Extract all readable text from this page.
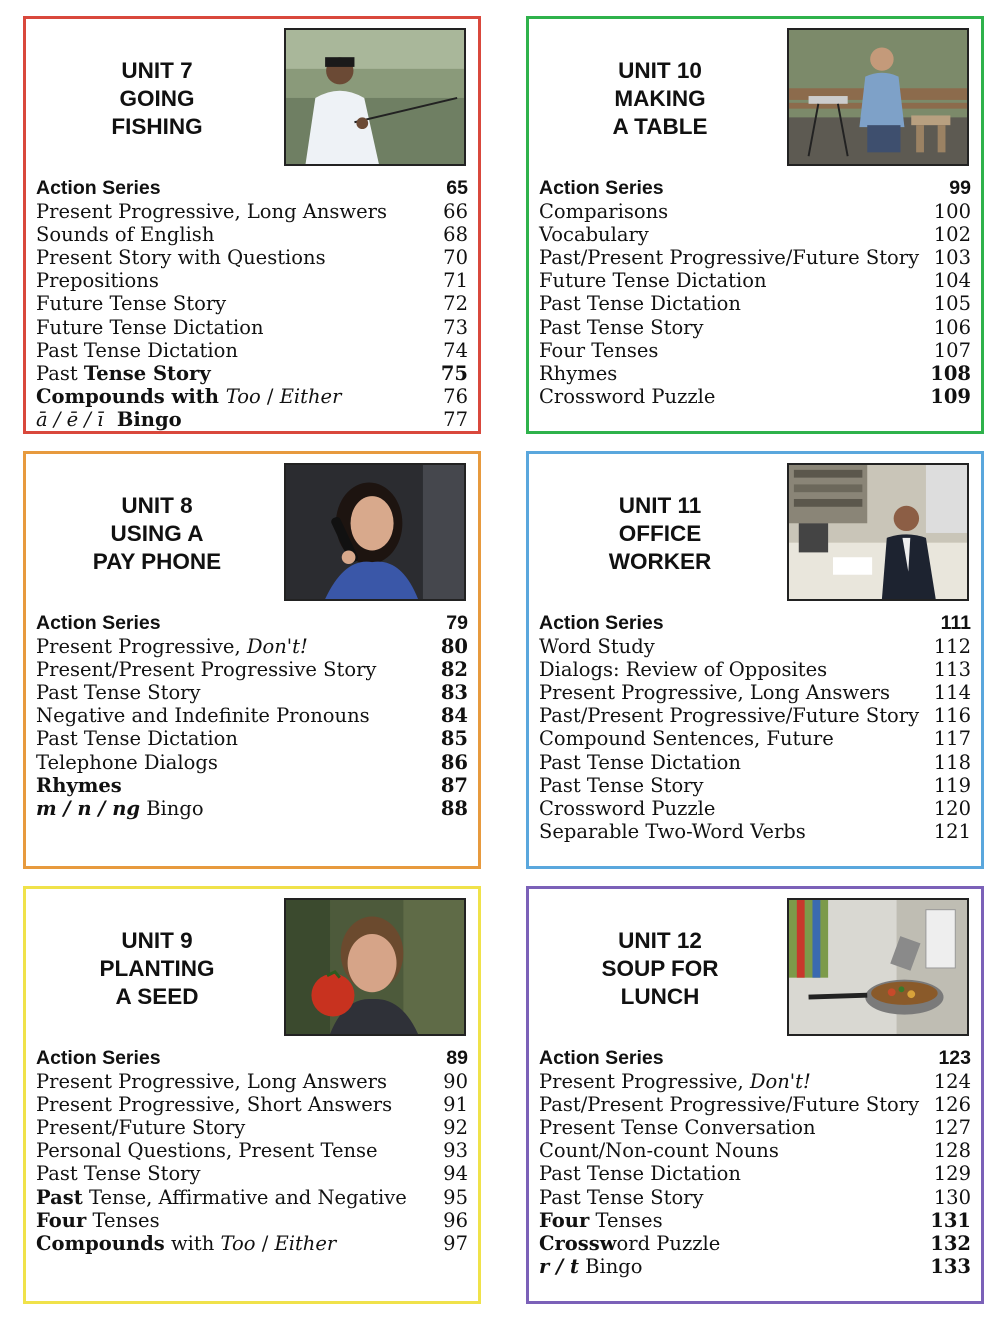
UNIT 7
GOING
FISHING
Action Series	65
Present Progressive, Long Answers	66
Sounds of English	68
Present Story with Questions	70
Prepositions	71
Future Tense Story	72
Future Tense Dictation	73
Past Tense Dictation	74
Past Tense Story	75
Compounds with Too / Either	76
ā / ē / ī  Bingo	77
UNIT 10
MAKING
A TABLE
Action Series	99
Comparisons	100
Vocabulary	102
Past/Present Progressive/Future Story 103
Future Tense Dictation	104
Past Tense Dictation	105
Past Tense Story	106
Four Tenses	107
Rhymes	108
Crossword Puzzle	109
UNIT 8
USING A
PAY PHONE
Action Series	79
Present Progressive, Don't!	80
Present/Present Progressive Story	82
Past Tense Story	83
Negative and Indefinite Pronouns	84
Past Tense Dictation	85
Telephone Dialogs	86
Rhymes	87
m / n / ng Bingo	88
UNIT 11
OFFICE
WORKER
Action Series	111
Word Study	112
Dialogs: Review of Opposites	113
Present Progressive, Long Answers 114
Past/Present Progressive/Future Story 116
Compound Sentences, Future	117
Past Tense Dictation	118
Past Tense Story	119
Crossword Puzzle	120
Separable Two-Word Verbs	121
UNIT 9
PLANTING
A SEED
Action Series	89
Present Progressive, Long Answers	90
Present Progressive, Short Answers	91
Present/Future Story	92
Personal Questions, Present Tense	93
Past Tense Story	94
Past Tense, Affirmative and Negative 95
Four Tenses	96
Compounds with Too / Either	97
UNIT 12
SOUP FOR
LUNCH
Action Series	123
Present Progressive, Don't!	124
Past/Present Progressive/Future Story 126
Present Tense Conversation	127
Count/Non-count Nouns	128
Past Tense Dictation	129
Past Tense Story	130
Four Tenses	131
Crossword Puzzle	132
r / t Bingo	133
